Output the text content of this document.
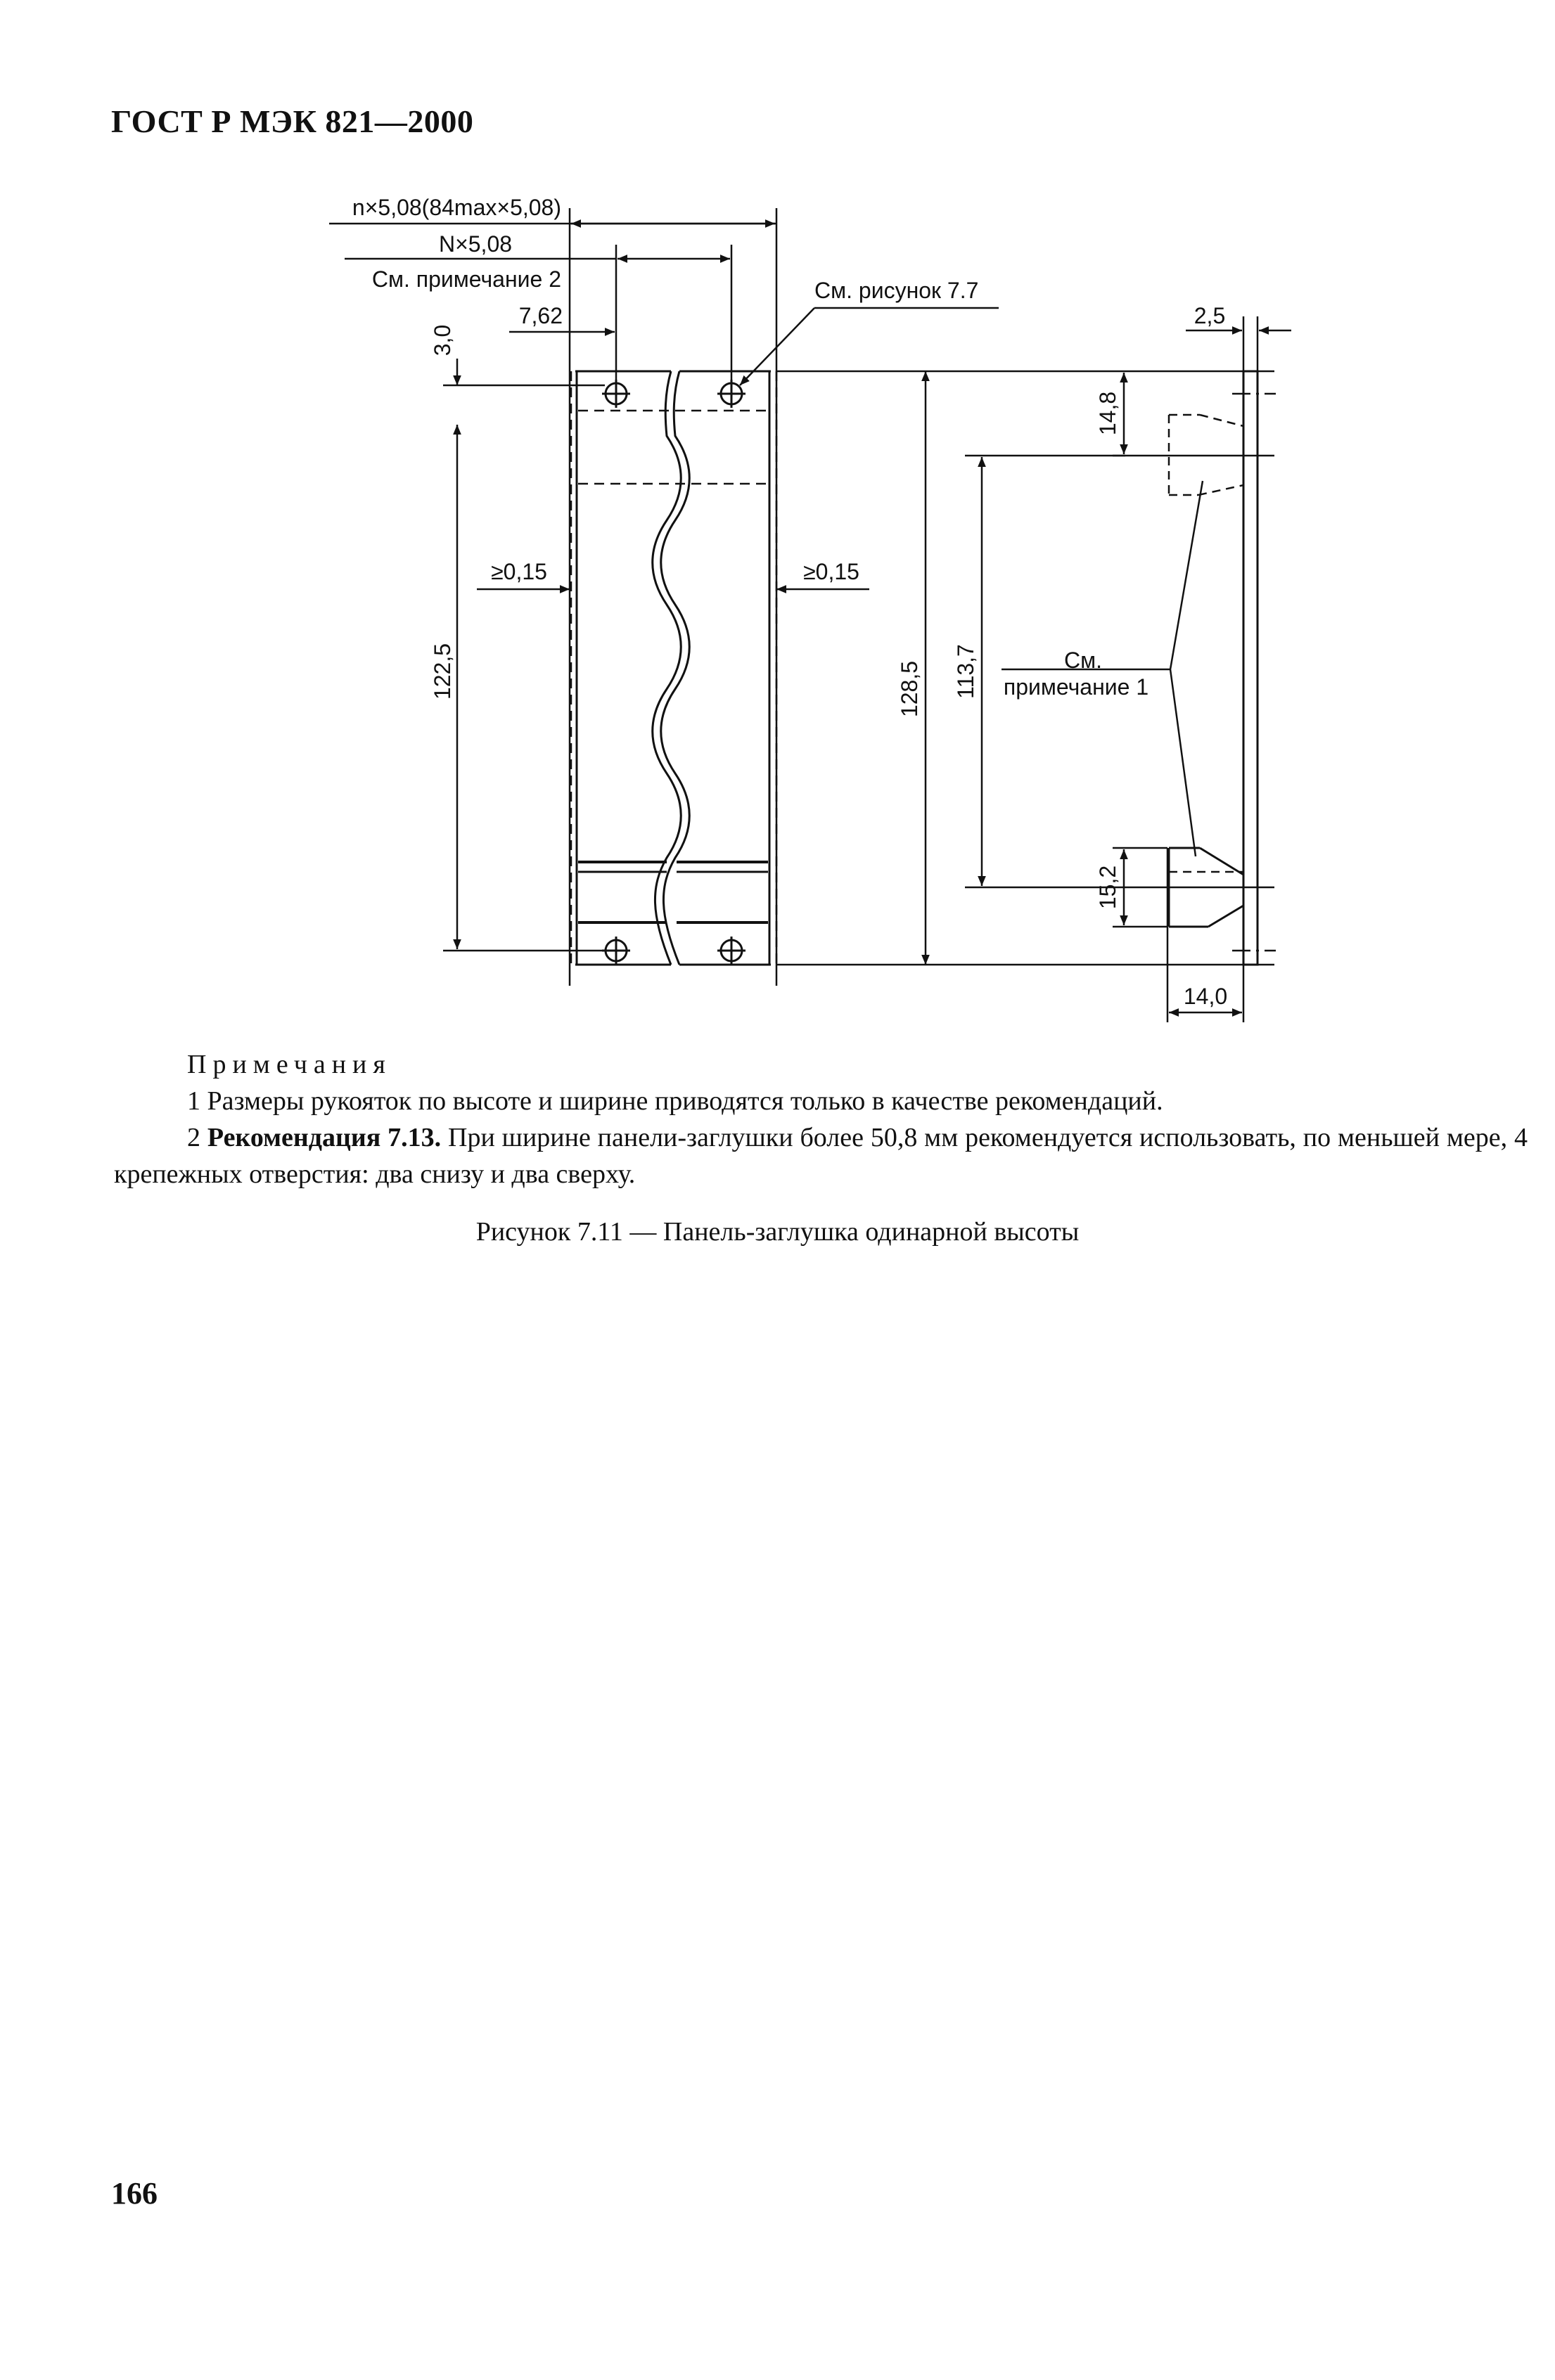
ГОСТ Р МЭК 821—2000
n×5,08(84max×5,08)
N×5,08
См. примечание 2
7,62
3,0
См. рисунок 7.7
2,5
14,8
≥0,15	≥0,15
122,5	128,5 113,7	См.
примечание 1
15,2
14,0
Примечания
1 Размеры рукояток по высоте и ширине приводятся только в качестве рекомендаций.
2 Рекомендация 7.13. При ширине панели-заглушки более 50,8 мм рекомендуется использовать, по меньшей мере, 4 крепежных отверстия: два снизу и два сверху.
Рисунок 7.11 — Панель-заглушка одинарной высоты
166
